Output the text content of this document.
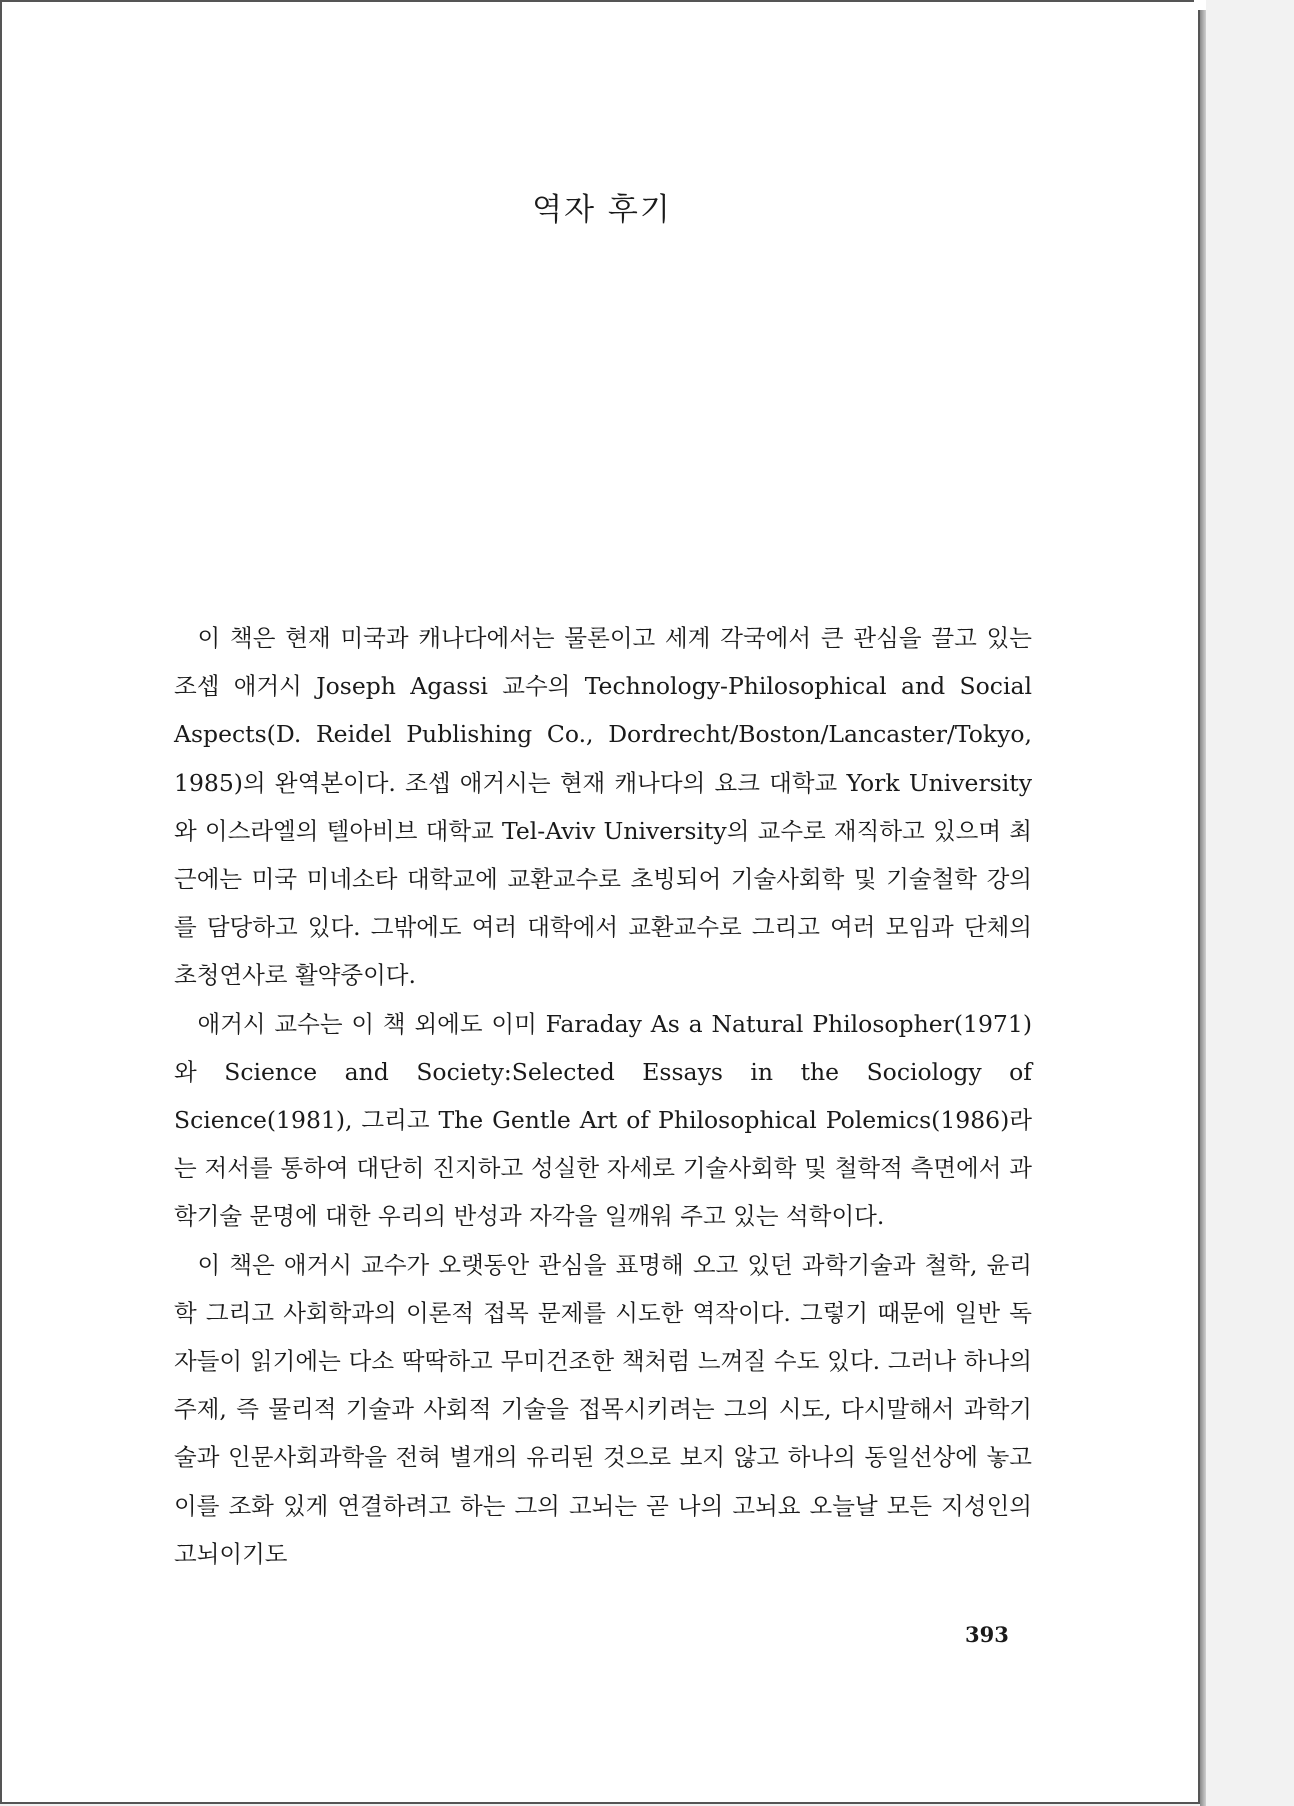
역자 후기

이 책은 현재 미국과 캐나다에서는 물론이고 세계 각국에서 큰 관심을 끌고 있는 조셉 애거시 Joseph Agassi 교수의 Technology-Philosophical and Social Aspects(D. Reidel Publishing Co., Dordrecht/Boston/Lancaster/Tokyo, 1985)의 완역본이다. 조셉 애거시는 현재 캐나다의 요크 대학교 York University와 이스라엘의 텔아비브 대학교 Tel-Aviv University의 교수로 재직하고 있으며 최근에는 미국 미네소타 대학교에 교환교수로 초빙되어 기술사회학 및 기술철학 강의를 담당하고 있다. 그밖에도 여러 대학에서 교환교수로 그리고 여러 모임과 단체의 초청연사로 활약중이다.

애거시 교수는 이 책 외에도 이미 Faraday As a Natural Philosopher(1971)와 Science and Society:Selected Essays in the Sociology of Science(1981), 그리고 The Gentle Art of Philosophical Polemics(1986)라는 저서를 통하여 대단히 진지하고 성실한 자세로 기술사회학 및 철학적 측면에서 과학기술 문명에 대한 우리의 반성과 자각을 일깨워 주고 있는 석학이다.

이 책은 애거시 교수가 오랫동안 관심을 표명해 오고 있던 과학기술과 철학, 윤리학 그리고 사회학과의 이론적 접목 문제를 시도한 역작이다. 그렇기 때문에 일반 독자들이 읽기에는 다소 딱딱하고 무미건조한 책처럼 느껴질 수도 있다. 그러나 하나의 주제, 즉 물리적 기술과 사회적 기술을 접목시키려는 그의 시도, 다시말해서 과학기술과 인문사회과학을 전혀 별개의 유리된 것으로 보지 않고 하나의 동일선상에 놓고 이를 조화 있게 연결하려고 하는 그의 고뇌는 곧 나의 고뇌요 오늘날 모든 지성인의 고뇌이기도

393
